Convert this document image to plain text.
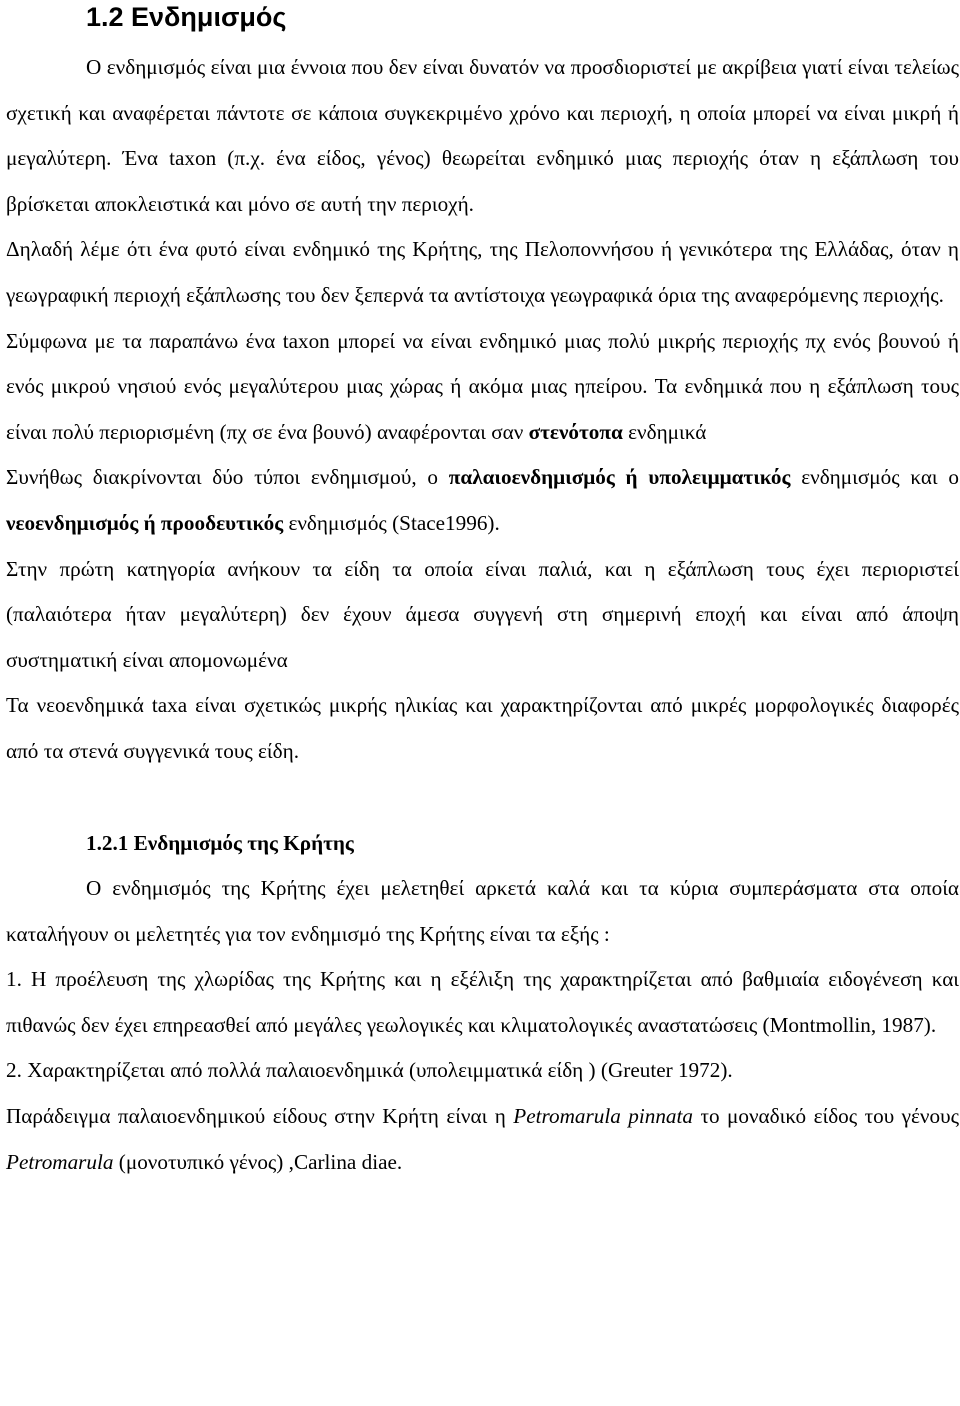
1.2 Ενδημισμός

Ο ενδημισμός είναι μια έννοια που δεν είναι δυνατόν να προσδιοριστεί με ακρίβεια γιατί είναι τελείως σχετική και αναφέρεται πάντοτε σε κάποια συγκεκριμένο χρόνο και περιοχή, η οποία μπορεί να είναι μικρή ή μεγαλύτερη. Ένα taxon (π.χ. ένα είδος, γένος) θεωρείται ενδημικό μιας περιοχής όταν η εξάπλωση του βρίσκεται αποκλειστικά και μόνο σε αυτή την περιοχή.

Δηλαδή λέμε ότι ένα φυτό είναι ενδημικό της Κρήτης, της Πελοποννήσου ή γενικότερα της Ελλάδας, όταν η γεωγραφική περιοχή εξάπλωσης του δεν ξεπερνά τα αντίστοιχα γεωγραφικά όρια της αναφερόμενης περιοχής.

Σύμφωνα με τα παραπάνω ένα taxon μπορεί να είναι ενδημικό μιας πολύ μικρής περιοχής πχ ενός βουνού ή ενός μικρού νησιού ενός μεγαλύτερου μιας χώρας ή ακόμα μιας ηπείρου. Τα ενδημικά που η εξάπλωση τους είναι πολύ περιορισμένη (πχ σε ένα βουνό) αναφέρονται σαν στενότοπα ενδημικά

Συνήθως διακρίνονται δύο τύποι ενδημισμού, ο παλαιοενδημισμός ή υπολειμματικός ενδημισμός και ο νεοενδημισμός ή προοδευτικός ενδημισμός (Stace1996).

Στην πρώτη κατηγορία ανήκουν τα είδη τα οποία είναι παλιά, και η εξάπλωση τους έχει περιοριστεί (παλαιότερα ήταν μεγαλύτερη) δεν έχουν άμεσα συγγενή στη σημερινή εποχή και είναι από άποψη συστηματική είναι απομονωμένα

Τα νεοενδημικά taxa είναι σχετικώς μικρής ηλικίας και χαρακτηρίζονται από μικρές μορφολογικές διαφορές από τα στενά συγγενικά τους είδη.

1.2.1 Ενδημισμός της Κρήτης

Ο ενδημισμός της Κρήτης έχει μελετηθεί αρκετά καλά και τα κύρια συμπεράσματα στα οποία καταλήγουν οι μελετητές για τον ενδημισμό της Κρήτης είναι τα εξής :

1. Η προέλευση της χλωρίδας της Κρήτης και η εξέλιξη της χαρακτηρίζεται από βαθμιαία ειδογένεση και πιθανώς δεν έχει επηρεασθεί από μεγάλες γεωλογικές και κλιματολογικές αναστατώσεις (Montmollin, 1987).

2. Χαρακτηρίζεται από πολλά παλαιοενδημικά (υπολειμματικά είδη ) (Greuter 1972).

Παράδειγμα παλαιοενδημικού είδους στην Κρήτη είναι η Petromarula pinnata το μοναδικό είδος του γένους Petromarula (μονοτυπικό γένος) ,Carlina diae.
